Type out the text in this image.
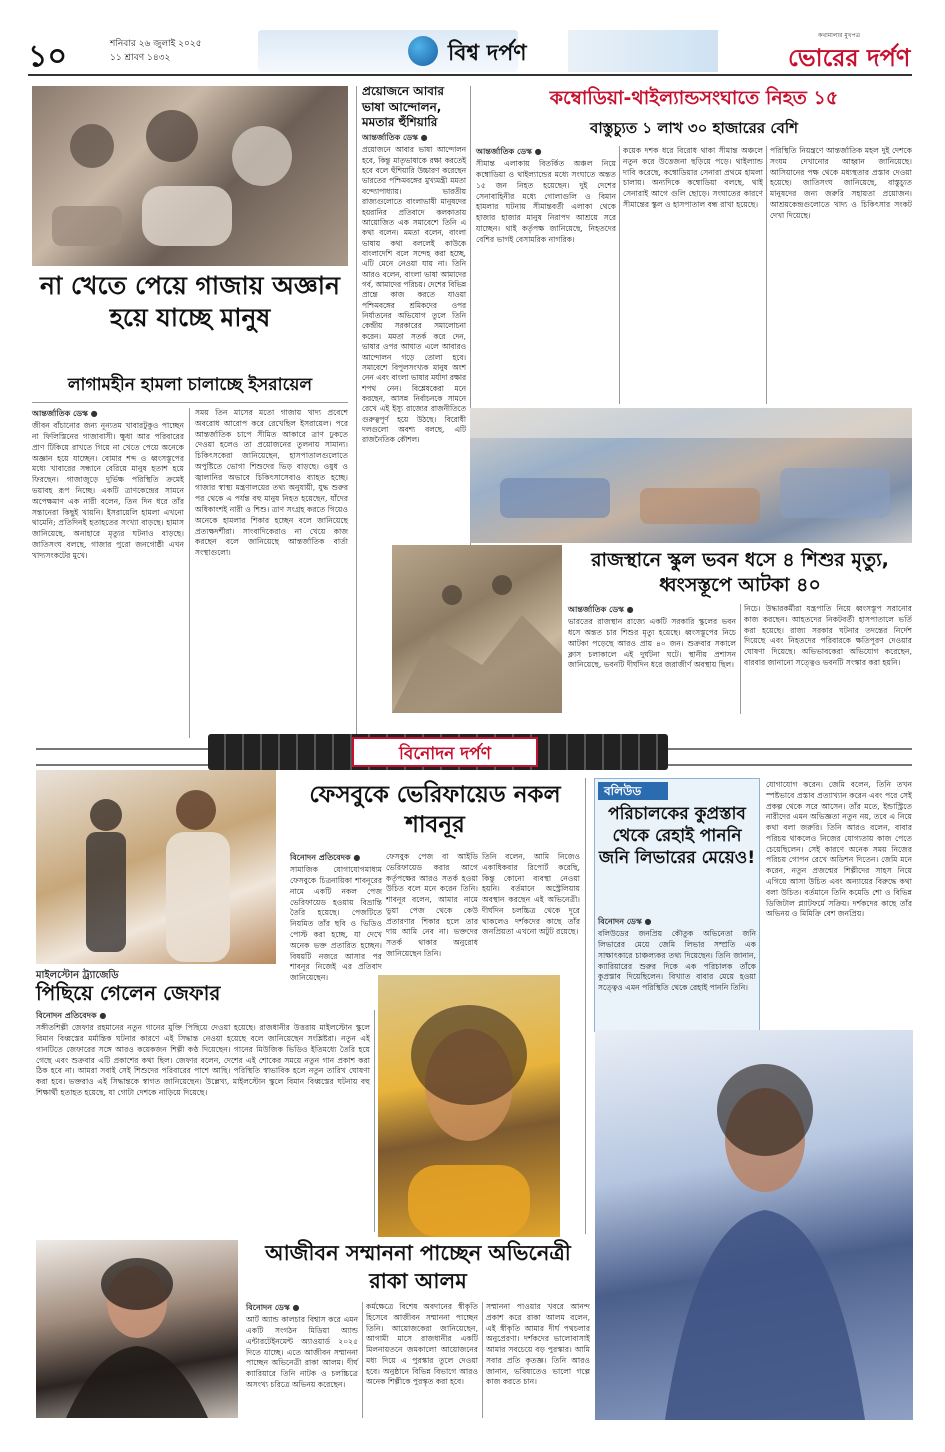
১০	শনিবার ২৬ জুলাই ২০২৫
১১ শ্রাবণ ১৪৩২	বিশ্ব দর্পণ
কথামালার মুখপত্র
ভোরের দর্পণ
না খেতে পেয়ে গাজায় অজ্ঞান হয়ে যাচ্ছে মানুষ
লাগামহীন হামলা চালাচ্ছে ইসরায়েল
আন্তর্জাতিক ডেস্ক ●
জীবন বাঁচানোর জন্য নূন্যতম খাবারটুকুও পাচ্ছেন না ফিলিস্তিনের গাজাবাসী। ক্ষুধা আর পরিবারের প্রাণ টিকিয়ে রাখতে গিয়ে না খেতে পেয়ে অনেকে অজ্ঞান হয়ে যাচ্ছেন। বোমার শব্দ ও ধ্বংসস্তূপের মধ্যে খাবারের সন্ধানে বেরিয়ে মানুষ হতাশ হয়ে ফিরছেন। গাজাজুড়ে দুর্ভিক্ষ পরিস্থিতি ক্রমেই ভয়াবহ রূপ নিচ্ছে। একটি ত্রাণকেন্দ্রের সামনে অপেক্ষমাণ এক নারী বলেন, তিন দিন ধরে তাঁর সন্তানেরা কিছুই খায়নি। ইসরায়েলি হামলা এখনো থামেনি; প্রতিদিনই হতাহতের সংখ্যা বাড়ছে। হামাস জানিয়েছে, অনাহারে মৃত্যুর ঘটনাও বাড়ছে। জাতিসংঘ বলছে, গাজার পুরো জনগোষ্ঠী এখন খাদ্যসংকটের মুখে।
সময় তিন মাসের মতো গাজায় খাদ্য প্রবেশে অবরোধ আরোপ করে রেখেছিল ইসরায়েল। পরে আন্তর্জাতিক চাপে সীমিত আকারে ত্রাণ ঢুকতে দেওয়া হলেও তা প্রয়োজনের তুলনায় সামান্য। চিকিৎসকেরা জানিয়েছেন, হাসপাতালগুলোতে অপুষ্টিতে ভোগা শিশুদের ভিড় বাড়ছে। ওষুধ ও জ্বালানির অভাবে চিকিৎসাসেবাও ব্যাহত হচ্ছে। গাজার স্বাস্থ্য মন্ত্রণালয়ের তথ্য অনুযায়ী, যুদ্ধ শুরুর পর থেকে এ পর্যন্ত বহু মানুষ নিহত হয়েছেন, যাঁদের অধিকাংশই নারী ও শিশু। ত্রাণ সংগ্রহ করতে গিয়েও অনেকে হামলার শিকার হচ্ছেন বলে জানিয়েছে প্রত্যক্ষদর্শীরা। সাংবাদিকেরাও না খেয়ে কাজ করছেন বলে জানিয়েছে আন্তর্জাতিক বার্তা সংস্থাগুলো।
প্রয়োজনে আবার ভাষা আন্দোলন, মমতার হুঁশিয়ারি
আন্তর্জাতিক ডেস্ক ●
প্রয়োজনে আবার ভাষা আন্দোলন হবে, কিন্তু মাতৃভাষাকে রক্ষা করতেই হবে বলে হুঁশিয়ারি উচ্চারণ করেছেন ভারতের পশ্চিমবঙ্গের মুখ্যমন্ত্রী মমতা বন্দ্যোপাধ্যায়। ভারতীয় রাজ্যগুলোতে বাংলাভাষী মানুষদের হয়রানির প্রতিবাদে কলকাতায় আয়োজিত এক সমাবেশে তিনি এ কথা বলেন। মমতা বলেন, বাংলা ভাষায় কথা বললেই কাউকে বাংলাদেশি বলে সন্দেহ করা হচ্ছে, এটি মেনে নেওয়া যায় না। তিনি আরও বলেন, বাংলা ভাষা আমাদের গর্ব, আমাদের পরিচয়। দেশের বিভিন্ন প্রান্তে কাজ করতে যাওয়া পশ্চিমবঙ্গের শ্রমিকদের ওপর নির্যাতনের অভিযোগ তুলে তিনি কেন্দ্রীয় সরকারের সমালোচনা করেন। মমতা সতর্ক করে দেন, ভাষার ওপর আঘাত এলে আবারও আন্দোলন গড়ে তোলা হবে। সমাবেশে বিপুলসংখ্যক মানুষ অংশ নেন এবং বাংলা ভাষার মর্যাদা রক্ষার শপথ নেন। বিশ্লেষকেরা মনে করছেন, আসন্ন নির্বাচনকে সামনে রেখে এই ইস্যু রাজ্যের রাজনীতিতে গুরুত্বপূর্ণ হয়ে উঠছে। বিরোধী দলগুলো অবশ্য বলছে, এটি রাজনৈতিক কৌশল।
কম্বোডিয়া-থাইল্যান্ডসংঘাতে নিহত ১৫
বাস্তুচ্যুত ১ লাখ ৩০ হাজারের বেশি
আন্তর্জাতিক ডেস্ক ●
সীমান্ত এলাকায় বিতর্কিত অঞ্চল নিয়ে কম্বোডিয়া ও থাইল্যান্ডের মধ্যে সংঘাতে অন্তত ১৫ জন নিহত হয়েছেন। দুই দেশের সেনাবাহিনীর মধ্যে গোলাগুলি ও বিমান হামলার ঘটনায় সীমান্তবর্তী এলাকা থেকে হাজার হাজার মানুষ নিরাপদ আশ্রয়ে সরে যাচ্ছেন। থাই কর্তৃপক্ষ জানিয়েছে, নিহতদের বেশির ভাগই বেসামরিক নাগরিক।
কয়েক দশক ধরে বিরোধ থাকা সীমান্ত অঞ্চলে নতুন করে উত্তেজনা ছড়িয়ে পড়ে। থাইল্যান্ড দাবি করেছে, কম্বোডিয়ার সেনারা প্রথমে হামলা চালায়। অন্যদিকে কম্বোডিয়া বলছে, থাই সেনারাই আগে গুলি ছোড়ে। সংঘাতের কারণে সীমান্তের স্কুল ও হাসপাতাল বন্ধ রাখা হয়েছে।
পরিস্থিতি নিয়ন্ত্রণে আন্তর্জাতিক মহল দুই দেশকে সংযম দেখানোর আহ্বান জানিয়েছে। আসিয়ানের পক্ষ থেকে মধ্যস্থতার প্রস্তাব দেওয়া হয়েছে। জাতিসংঘ জানিয়েছে, বাস্তুচ্যুত মানুষদের জন্য জরুরি সহায়তা প্রয়োজন। আশ্রয়কেন্দ্রগুলোতে খাদ্য ও চিকিৎসার সংকট দেখা দিয়েছে।
রাজস্থানে স্কুল ভবন ধসে ৪ শিশুর মৃত্যু, ধ্বংসস্তূপে আটকা ৪০
আন্তর্জাতিক ডেস্ক ●
ভারতের রাজস্থান রাজ্যে একটি সরকারি স্কুলের ভবন ধসে অন্তত চার শিশুর মৃত্যু হয়েছে। ধ্বংসস্তূপের নিচে আটকা পড়েছে আরও প্রায় ৪০ জন। শুক্রবার সকালে ক্লাস চলাকালে এই দুর্ঘটনা ঘটে। স্থানীয় প্রশাসন জানিয়েছে, ভবনটি দীর্ঘদিন ধরে জরাজীর্ণ অবস্থায় ছিল।
নিচে। উদ্ধারকর্মীরা যন্ত্রপাতি নিয়ে ধ্বংসস্তূপ সরানোর কাজ করছেন। আহতদের নিকটবর্তী হাসপাতালে ভর্তি করা হয়েছে। রাজ্য সরকার ঘটনার তদন্তের নির্দেশ দিয়েছে এবং নিহতদের পরিবারকে ক্ষতিপূরণ দেওয়ার ঘোষণা দিয়েছে। অভিভাবকেরা অভিযোগ করেছেন, বারবার জানানো সত্ত্বেও ভবনটি সংস্কার করা হয়নি।
বিনোদন দর্পণ
মাইলস্টোন ট্র্যাজেডি
পিছিয়ে গেলেন জেফার
বিনোদন প্রতিবেদক ●
সঙ্গীতশিল্পী জেফার রহমানের নতুন গানের মুক্তি পিছিয়ে দেওয়া হয়েছে। রাজধানীর উত্তরায় মাইলস্টোন স্কুলে বিমান বিধ্বস্তের মর্মান্তিক ঘটনার কারণে এই সিদ্ধান্ত নেওয়া হয়েছে বলে জানিয়েছেন সংশ্লিষ্টরা। নতুন এই গানটিতে জেফারের সঙ্গে আরও কয়েকজন শিল্পী কণ্ঠ দিয়েছেন। গানের মিউজিক ভিডিও ইতিমধ্যে তৈরি হয়ে গেছে এবং শুক্রবার এটি প্রকাশের কথা ছিল। জেফার বলেন, দেশের এই শোকের সময়ে নতুন গান প্রকাশ করা ঠিক হবে না। আমরা সবাই সেই শিশুদের পরিবারের পাশে আছি। পরিস্থিতি স্বাভাবিক হলে নতুন তারিখ ঘোষণা করা হবে। ভক্তরাও এই সিদ্ধান্তকে স্বাগত জানিয়েছেন। উল্লেখ্য, মাইলস্টোন স্কুলে বিমান বিধ্বস্তের ঘটনায় বহু শিক্ষার্থী হতাহত হয়েছে, যা গোটা দেশকে নাড়িয়ে দিয়েছে।
ফেসবুকে ভেরিফায়েড নকল শাবনূর
বিনোদন প্রতিবেদক ●
সামাজিক যোগাযোগমাধ্যম ফেসবুকে চিত্রনায়িকা শাবনূরের নামে একটি নকল পেজ ভেরিফায়েড হওয়ায় বিভ্রান্তি তৈরি হয়েছে। পেজটিতে নিয়মিত তাঁর ছবি ও ভিডিও পোস্ট করা হচ্ছে, যা দেখে অনেক ভক্ত প্রতারিত হচ্ছেন। বিষয়টি নজরে আসার পর শাবনূর নিজেই এর প্রতিবাদ জানিয়েছেন।
ফেসবুক পেজ বা আইডি ভেরিফায়েড করার আগে কর্তৃপক্ষের আরও সতর্ক হওয়া উচিত বলে মনে করেন তিনি। শাবনূর বলেন, আমার নামে ভুয়া পেজ থেকে কেউ প্রতারণার শিকার হলে তার দায় আমি নেব না। ভক্তদের সতর্ক থাকার অনুরোধ জানিয়েছেন তিনি।
তিনি বলেন, আমি নিজেও একাধিকবার রিপোর্ট করেছি, কিন্তু কোনো ব্যবস্থা নেওয়া হয়নি। বর্তমানে অস্ট্রেলিয়ায় অবস্থান করছেন এই অভিনেত্রী। দীর্ঘদিন চলচ্চিত্র থেকে দূরে থাকলেও দর্শকদের কাছে তাঁর জনপ্রিয়তা এখনো অটুট রয়েছে।
বলিউড
পরিচালকের কুপ্রস্তাব থেকে রেহাই পাননি জনি লিভারের মেয়েও!
বিনোদন ডেস্ক ●
বলিউডের জনপ্রিয় কৌতুক অভিনেতা জনি লিভারের মেয়ে জেমি লিভার সম্প্রতি এক সাক্ষাৎকারে চাঞ্চল্যকর তথ্য দিয়েছেন। তিনি জানান, ক্যারিয়ারের শুরুর দিকে এক পরিচালক তাঁকে কুপ্রস্তাব দিয়েছিলেন। বিখ্যাত বাবার মেয়ে হওয়া সত্ত্বেও এমন পরিস্থিতি থেকে রেহাই পাননি তিনি।
যোগাযোগ করেন। জেমি বলেন, তিনি তখন স্পষ্টভাবে প্রস্তাব প্রত্যাখ্যান করেন এবং পরে সেই প্রকল্প থেকে সরে আসেন। তাঁর মতে, ইন্ডাস্ট্রিতে নারীদের এমন অভিজ্ঞতা নতুন নয়, তবে এ নিয়ে কথা বলা জরুরি। তিনি আরও বলেন, বাবার পরিচয় থাকলেও নিজের যোগ্যতায় কাজ পেতে চেয়েছিলেন। সেই কারণে অনেক সময় নিজের পরিচয় গোপন রেখে অডিশন দিতেন। জেমি মনে করেন, নতুন প্রজন্মের শিল্পীদের সাহস নিয়ে এগিয়ে আসা উচিত এবং অন্যায়ের বিরুদ্ধে কথা বলা উচিত। বর্তমানে তিনি কমেডি শো ও বিভিন্ন ডিজিটাল প্ল্যাটফর্মে সক্রিয়। দর্শকদের কাছে তাঁর অভিনয় ও মিমিক্রি বেশ জনপ্রিয়।
আজীবন সম্মাননা পাচ্ছেন অভিনেত্রী রাকা আলম
বিনোদন ডেস্ক ●
আর্ট অ্যান্ড কালচার বিশ্বাস করে এমন একটি সংগঠন মিডিয়া অ্যান্ড এন্টারটেইনমেন্ট অ্যাওয়ার্ড ২০২৫ দিতে যাচ্ছে। এতে আজীবন সম্মাননা পাচ্ছেন অভিনেত্রী রাকা আলম। দীর্ঘ ক্যারিয়ারে তিনি নাটক ও চলচ্চিত্রে অসংখ্য চরিত্রে অভিনয় করেছেন।
কর্মক্ষেত্রে বিশেষ অবদানের স্বীকৃতি হিসেবে আজীবন সম্মাননা পাচ্ছেন তিনি। আয়োজকেরা জানিয়েছেন, আগামী মাসে রাজধানীর একটি মিলনায়তনে জমকালো আয়োজনের মধ্য দিয়ে এ পুরস্কার তুলে দেওয়া হবে। অনুষ্ঠানে বিভিন্ন বিভাগে আরও অনেক শিল্পীকে পুরস্কৃত করা হবে।
সম্মাননা পাওয়ার খবরে আনন্দ প্রকাশ করে রাকা আলম বলেন, এই স্বীকৃতি আমার দীর্ঘ পথচলার অনুপ্রেরণা। দর্শকদের ভালোবাসাই আমার সবচেয়ে বড় পুরস্কার। আমি সবার প্রতি কৃতজ্ঞ। তিনি আরও জানান, ভবিষ্যতেও ভালো গল্পে কাজ করতে চান।
